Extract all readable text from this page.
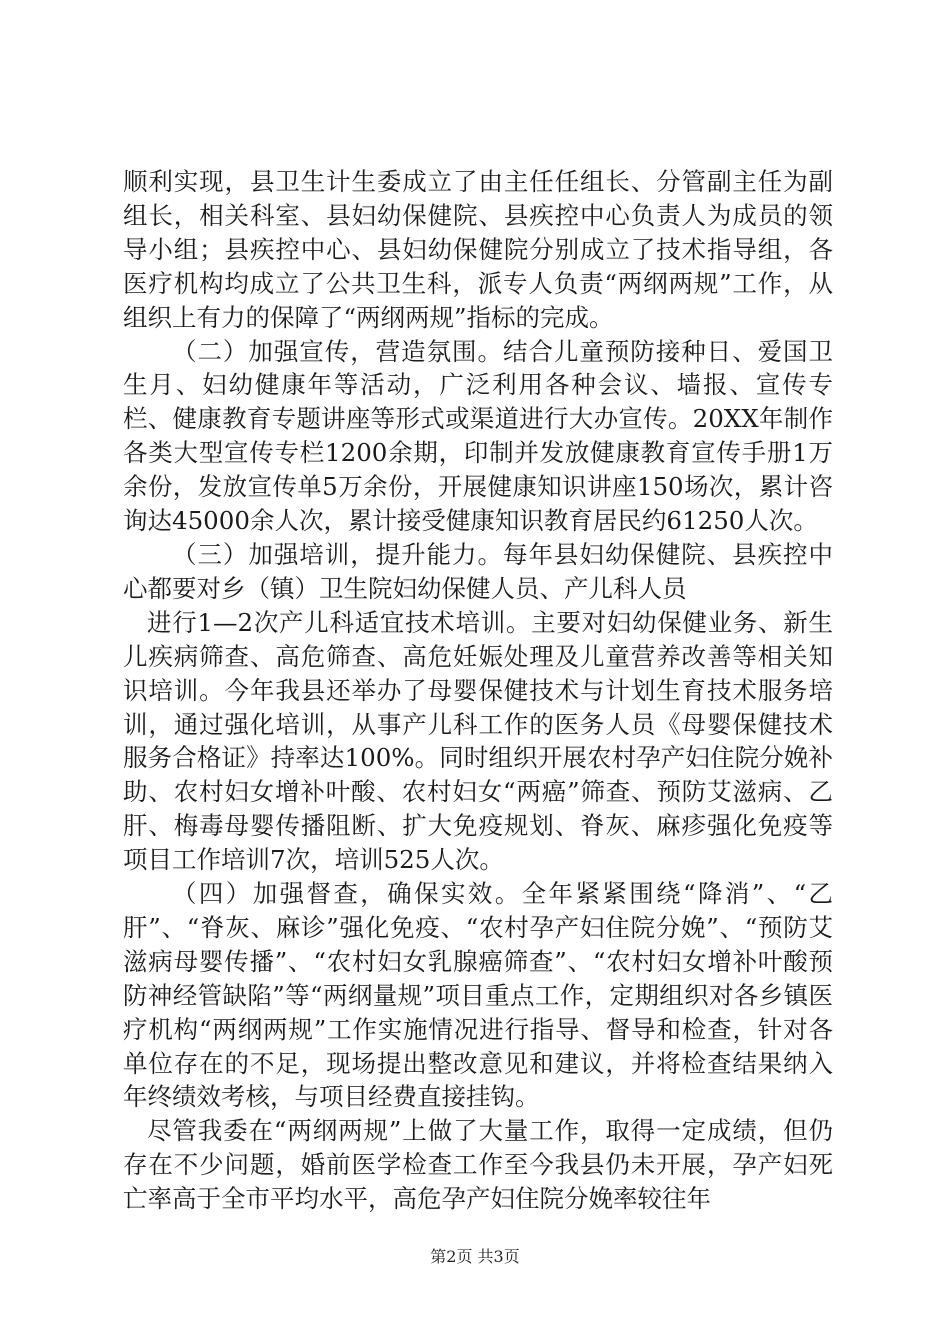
顺利实现，县卫生计生委成立了由主任任组长、分管副主任为副组长，相关科室、县妇幼保健院、县疾控中心负责人为成员的领导小组；县疾控中心、县妇幼保健院分别成立了技术指导组，各医疗机构均成立了公共卫生科，派专人负责“两纲两规”工作，从组织上有力的保障了“两纲两规”指标的完成。

（二）加强宣传，营造氛围。结合儿童预防接种日、爱国卫生月、妇幼健康年等活动，广泛利用各种会议、墙报、宣传专栏、健康教育专题讲座等形式或渠道进行大办宣传。20XX年制作各类大型宣传专栏1200余期，印制并发放健康教育宣传手册1万余份，发放宣传单5万余份，开展健康知识讲座150场次，累计咨询达45000余人次，累计接受健康知识教育居民约61250人次。

（三）加强培训，提升能力。每年县妇幼保健院、县疾控中心都要对乡（镇）卫生院妇幼保健人员、产儿科人员

进行1—2次产儿科适宜技术培训。主要对妇幼保健业务、新生儿疾病筛查、高危筛查、高危妊娠处理及儿童营养改善等相关知识培训。今年我县还举办了母婴保健技术与计划生育技术服务培训，通过强化培训，从事产儿科工作的医务人员《母婴保健技术服务合格证》持率达100%。同时组织开展农村孕产妇住院分娩补助、农村妇女增补叶酸、农村妇女“两癌”筛查、预防艾滋病、乙肝、梅毒母婴传播阻断、扩大免疫规划、脊灰、麻疹强化免疫等项目工作培训7次，培训525人次。

（四）加强督查，确保实效。全年紧紧围绕“降消”、“乙肝”、“脊灰、麻诊”强化免疫、“农村孕产妇住院分娩”、“预防艾滋病母婴传播”、“农村妇女乳腺癌筛查”、“农村妇女增补叶酸预防神经管缺陷”等“两纲量规”项目重点工作，定期组织对各乡镇医疗机构“两纲两规”工作实施情况进行指导、督导和检查，针对各单位存在的不足，现场提出整改意见和建议，并将检查结果纳入年终绩效考核，与项目经费直接挂钩。

尽管我委在“两纲两规”上做了大量工作，取得一定成绩，但仍存在不少问题，婚前医学检查工作至今我县仍未开展，孕产妇死亡率高于全市平均水平，高危孕产妇住院分娩率较往年

第2页 共3页
